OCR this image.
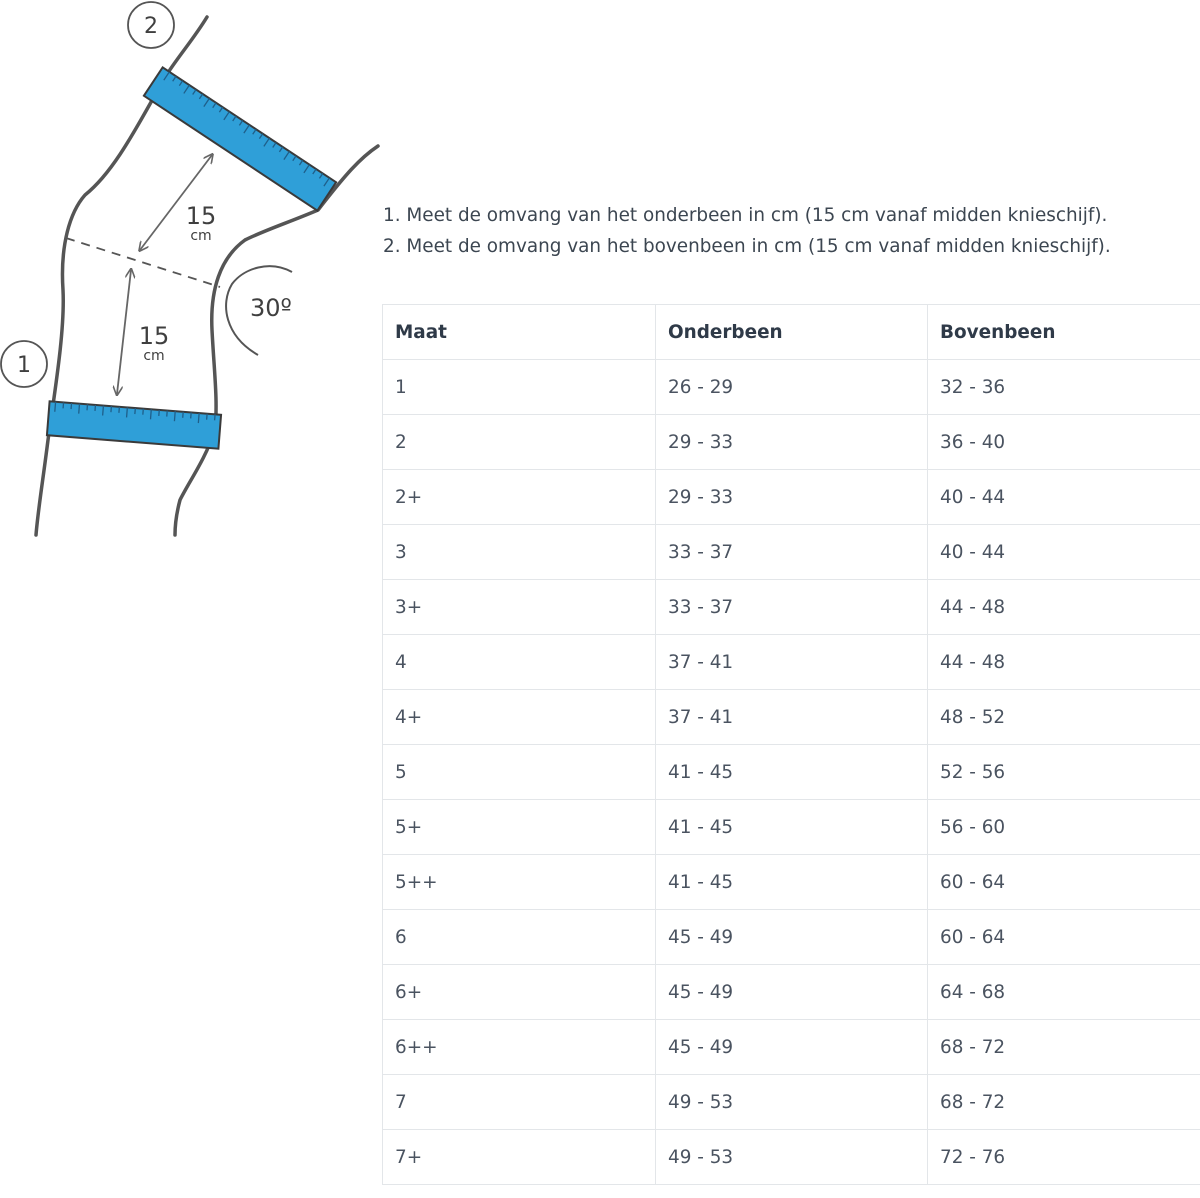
2
1
15
cm
15
cm
30º
1. Meet de omvang van het onderbeen in cm (15 cm vanaf midden knieschijf).
2. Meet de omvang van het bovenbeen in cm (15 cm vanaf midden knieschijf).
Maat	Onderbeen	Bovenbeen
1	26 - 29	32 - 36
2	29 - 33	36 - 40
2+	29 - 33	40 - 44
3	33 - 37	40 - 44
3+	33 - 37	44 - 48
4	37 - 41	44 - 48
4+	37 - 41	48 - 52
5	41 - 45	52 - 56
5+	41 - 45	56 - 60
5++	41 - 45	60 - 64
6	45 - 49	60 - 64
6+	45 - 49	64 - 68
6++	45 - 49	68 - 72
7	49 - 53	68 - 72
7+	49 - 53	72 - 76
